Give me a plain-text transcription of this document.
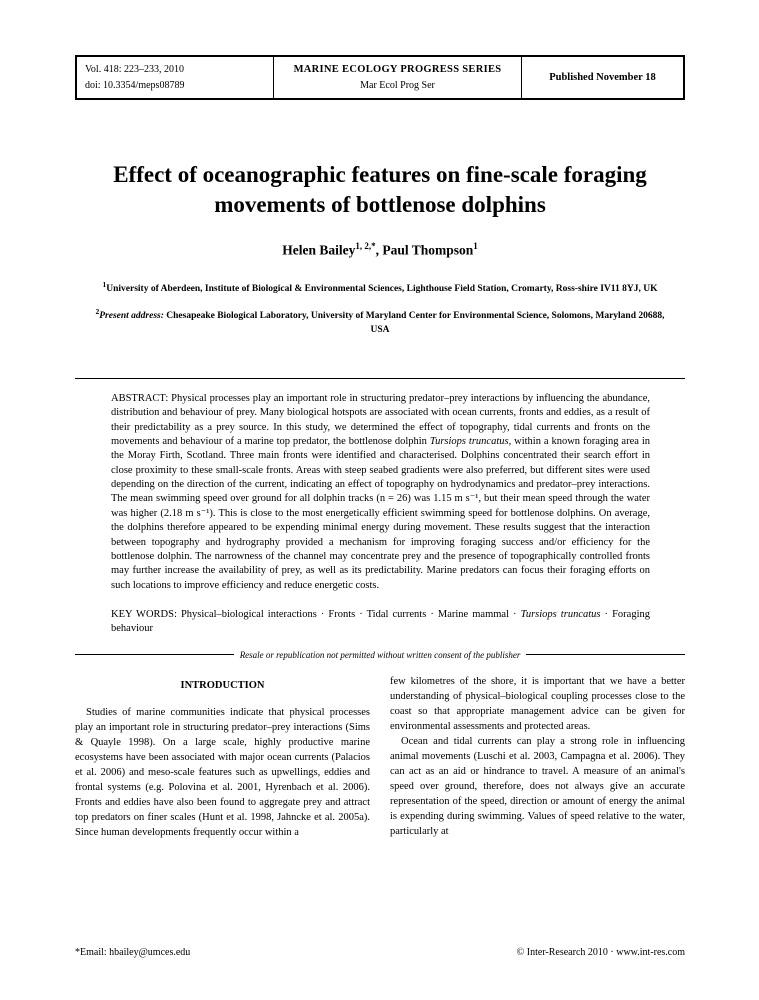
Vol. 418: 223–233, 2010
doi: 10.3354/meps08789
MARINE ECOLOGY PROGRESS SERIES
Mar Ecol Prog Ser
Published November 18
Effect of oceanographic features on fine-scale foraging movements of bottlenose dolphins
Helen Bailey$^{1, 2,*}$, Paul Thompson$^1$
$^1$University of Aberdeen, Institute of Biological & Environmental Sciences, Lighthouse Field Station, Cromarty, Ross-shire IV11 8YJ, UK
$^2$Present address: Chesapeake Biological Laboratory, University of Maryland Center for Environmental Science, Solomons, Maryland 20688, USA

ABSTRACT: Physical processes play an important role in structuring predator–prey interactions by influencing the abundance, distribution and behaviour of prey. Many biological hotspots are associated with ocean currents, fronts and eddies, as a result of their predictability as a prey source. In this study, we determined the effect of topography, tidal currents and fronts on the movements and behaviour of a marine top predator, the bottlenose dolphin Tursiops truncatus, within a known foraging area in the Moray Firth, Scotland. Three main fronts were identified and characterised. Dolphins concentrated their search effort in close proximity to these small-scale fronts. Areas with steep seabed gradients were also preferred, but different sites were used depending on the direction of the current, indicating an effect of topography on hydrodynamics and predator–prey interactions. The mean swimming speed over ground for all dolphin tracks (n = 26) was 1.15 m s⁻¹, but their mean speed through the water was higher (2.18 m s⁻¹). This is close to the most energetically efficient swimming speed for bottlenose dolphins. On average, the dolphins therefore appeared to be expending minimal energy during movement. These results suggest that the interaction between topography and hydrography provided a mechanism for improving foraging success and/or efficiency for the bottlenose dolphin. The narrowness of the channel may concentrate prey and the presence of topographically controlled fronts may further increase the availability of prey, as well as its predictability. Marine predators can focus their foraging efforts on such locations to improve efficiency and reduce energetic costs.

KEY WORDS: Physical–biological interactions · Fronts · Tidal currents · Marine mammal · Tursiops truncatus · Foraging behaviour

Resale or republication not permitted without written consent of the publisher
INTRODUCTION

Studies of marine communities indicate that physical processes play an important role in structuring predator–prey interactions (Sims & Quayle 1998). On a large scale, highly productive marine ecosystems have been associated with major ocean currents (Palacios et al. 2006) and meso-scale features such as upwellings, eddies and frontal systems (e.g. Polovina et al. 2001, Hyrenbach et al. 2006). Fronts and eddies have also been found to aggregate prey and attract top predators on finer scales (Hunt et al. 1998, Jahncke et al. 2005a). Since human developments frequently occur within a

few kilometres of the shore, it is important that we have a better understanding of physical–biological coupling processes close to the coast so that appropriate management advice can be given for environmental assessments and protected areas.

Ocean and tidal currents can play a strong role in influencing animal movements (Luschi et al. 2003, Campagna et al. 2006). They can act as an aid or hindrance to travel. A measure of an animal's speed over ground, therefore, does not always give an accurate representation of the speed, direction or amount of energy the animal is expending during swimming. Values of speed relative to the water, particularly at

*Email: hbailey@umces.edu	© Inter-Research 2010 · www.int-res.com
